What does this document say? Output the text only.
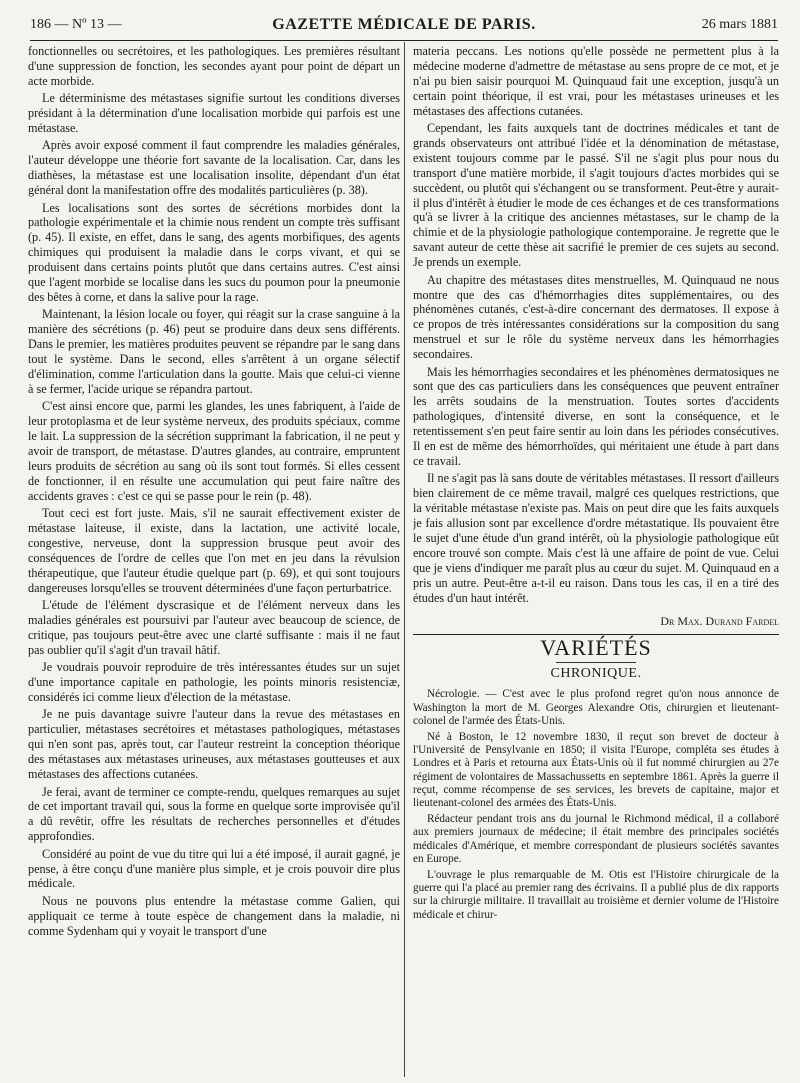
186 — Nº 13 —	GAZETTE MÉDICALE DE PARIS.	26 mars 1881

fonctionnelles ou secrétoires, et les pathologiques. Les premières résultant d'une suppression de fonction, les secondes ayant pour point de départ un acte morbide.

Le déterminisme des métastases signifie surtout les conditions diverses présidant à la détermination d'une localisation morbide qui parfois est une métastase.

Après avoir exposé comment il faut comprendre les maladies générales, l'auteur développe une théorie fort savante de la localisation. Car, dans les diathèses, la métastase est une localisation insolite, dépendant d'un état général dont la manifestation offre des modalités particulières (p. 38).

Les localisations sont des sortes de sécrétions morbides dont la pathologie expérimentale et la chimie nous rendent un compte très suffisant (p. 45). Il existe, en effet, dans le sang, des agents morbifiques, des agents chimiques qui produisent la maladie dans le corps vivant, et qui se produisent dans certains points plutôt que dans certains autres. C'est ainsi que l'agent morbide se localise dans les sucs du poumon pour la pneumonie des bêtes à corne, et dans la salive pour la rage.

Maintenant, la lésion locale ou foyer, qui réagit sur la crase sanguine à la manière des sécrétions (p. 46) peut se produire dans deux sens différents. Dans le premier, les matières produites peuvent se répandre par le sang dans tout le système. Dans le second, elles s'arrêtent à un organe sélectif d'élimination, comme l'articulation dans la goutte. Mais que celui-ci vienne à se fermer, l'acide urique se répandra partout.

C'est ainsi encore que, parmi les glandes, les unes fabriquent, à l'aide de leur protoplasma et de leur système nerveux, des produits spéciaux, comme le lait. La suppression de la sécrétion supprimant la fabrication, il ne peut y avoir de transport, de métastase. D'autres glandes, au contraire, empruntent leurs produits de sécrétion au sang où ils sont tout formés. Si elles cessent de fonctionner, il en résulte une accumulation qui peut faire naître des accidents graves : c'est ce qui se passe pour le rein (p. 48).

Tout ceci est fort juste. Mais, s'il ne saurait effectivement exister de métastase laiteuse, il existe, dans la lactation, une activité locale, congestive, nerveuse, dont la suppression brusque peut avoir des conséquences de l'ordre de celles que l'on met en jeu dans la révulsion thérapeutique, que l'auteur étudie quelque part (p. 69), et qui sont toujours dangereuses lorsqu'elles se trouvent déterminées d'une façon perturbatrice.

L'étude de l'élément dyscrasique et de l'élément nerveux dans les maladies générales est poursuivi par l'auteur avec beaucoup de science, de critique, pas toujours peut-être avec une clarté suffisante : mais il ne faut pas oublier qu'il s'agit d'un travail hâtif.

Je voudrais pouvoir reproduire de très intéressantes études sur un sujet d'une importance capitale en pathologie, les points minoris resistenciæ, considérés ici comme lieux d'élection de la métastase.

Je ne puis davantage suivre l'auteur dans la revue des métastases en particulier, métastases secrétoires et métastases pathologiques, métastases qui n'en sont pas, après tout, car l'auteur restreint la conception théorique des métastases aux métastases urineuses, aux métastases goutteuses et aux métastases des affections cutanées.

Je ferai, avant de terminer ce compte-rendu, quelques remarques au sujet de cet important travail qui, sous la forme en quelque sorte improvisée qu'il a dû revêtir, offre les résultats de recherches personnelles et d'études approfondies.

Considéré au point de vue du titre qui lui a été imposé, il aurait gagné, je pense, à être conçu d'une manière plus simple, et je crois pouvoir dire plus médicale.

Nous ne pouvons plus entendre la métastase comme Galien, qui appliquait ce terme à toute espèce de changement dans la maladie, ni comme Sydenham qui y voyait le transport d'une

materia peccans. Les notions qu'elle possède ne permettent plus à la médecine moderne d'admettre de métastase au sens propre de ce mot, et je n'ai pu bien saisir pourquoi M. Quinquaud fait une exception, jusqu'à un certain point théorique, il est vrai, pour les métastases urineuses et les métastases des affections cutanées.

Cependant, les faits auxquels tant de doctrines médicales et tant de grands observateurs ont attribué l'idée et la dénomination de métastase, existent toujours comme par le passé. S'il ne s'agit plus pour nous du transport d'une matière morbide, il s'agit toujours d'actes morbides qui se succèdent, ou plutôt qui s'échangent ou se transforment. Peut-être y aurait-il plus d'intérêt à étudier le mode de ces échanges et de ces transformations qu'à se livrer à la critique des anciennes métastases, sur le champ de la chimie et de la physiologie pathologique contemporaine. Je regrette que le savant auteur de cette thèse ait sacrifié le premier de ces sujets au second. Je prends un exemple.

Au chapitre des métastases dites menstruelles, M. Quinquaud ne nous montre que des cas d'hémorrhagies dites supplémentaires, ou des phénomènes cutanés, c'est-à-dire concernant des dermatoses. Il expose à ce propos de très intéressantes considérations sur la composition du sang menstruel et sur le rôle du système nerveux dans les hémorrhagies secondaires.

Mais les hémorrhagies secondaires et les phénomènes dermatosiques ne sont que des cas particuliers dans les conséquences que peuvent entraîner les arrêts soudains de la menstruation. Toutes sortes d'accidents pathologiques, d'intensité diverse, en sont la conséquence, et le retentissement s'en peut faire sentir au loin dans les périodes consécutives. Il en est de même des hémorrhoïdes, qui méritaient une étude à part dans ce travail.

Il ne s'agit pas là sans doute de véritables métastases. Il ressort d'ailleurs bien clairement de ce même travail, malgré ces quelques restrictions, que la véritable métastase n'existe pas. Mais on peut dire que les faits auxquels je fais allusion sont par excellence d'ordre métastatique. Ils pouvaient être le sujet d'une étude d'un grand intérêt, où la physiologie pathologique eût encore trouvé son compte. Mais c'est là une affaire de point de vue. Celui que je viens d'indiquer me paraît plus au cœur du sujet. M. Quinquaud en a pris un autre. Peut-être a-t-il eu raison. Dans tous les cas, il en a tiré des études d'un haut intérêt.

Dr Max. Durand Fardel
VARIÉTÉS
CHRONIQUE.

Nécrologie. — C'est avec le plus profond regret qu'on nous annonce de Washington la mort de M. Georges Alexandre Otis, chirurgien et lieutenant-colonel de l'armée des États-Unis.

Né à Boston, le 12 novembre 1830, il reçut son brevet de docteur à l'Université de Pensylvanie en 1850; il visita l'Europe, compléta ses études à Londres et à Paris et retourna aux États-Unis où il fut nommé chirurgien au 27e régiment de volontaires de Massachussetts en septembre 1861. Après la guerre il reçut, comme récompense de ses services, les brevets de capitaine, major et lieutenant-colonel des armées des États-Unis.

Rédacteur pendant trois ans du journal le Richmond médical, il a collaboré aux premiers journaux de médecine; il était membre des principales sociétés médicales d'Amérique, et membre correspondant de plusieurs sociétés savantes en Europe.

L'ouvrage le plus remarquable de M. Otis est l'Histoire chirurgicale de la guerre qui l'a placé au premier rang des écrivains. Il a publié plus de dix rapports sur la chirurgie militaire. Il travaillait au troisième et dernier volume de l'Histoire médicale et chirur-
